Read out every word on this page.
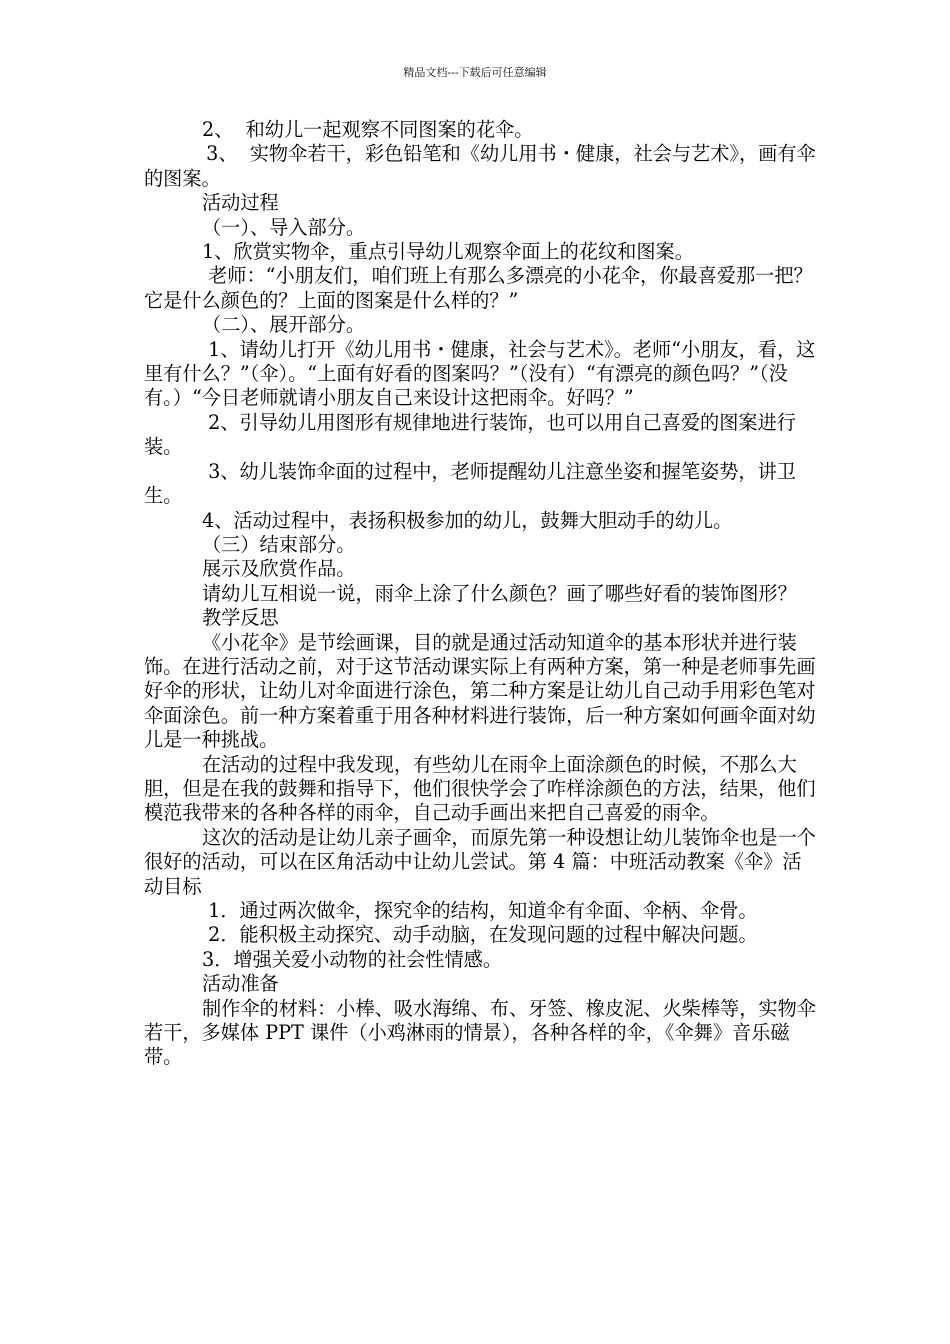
精品文档---下载后可任意编辑

2、  和幼儿一起观察不同图案的花伞。

3、  实物伞若干，彩色铅笔和《幼儿用书・健康，社会与艺术》，画有伞的图案。

活动过程

（一）、导入部分。

1、欣赏实物伞，重点引导幼儿观察伞面上的花纹和图案。

老师：“小朋友们，咱们班上有那么多漂亮的小花伞，你最喜爱那一把？它是什么颜色的？上面的图案是什么样的？”

（二）、展开部分。

1、请幼儿打开《幼儿用书・健康，社会与艺术》。老师“小朋友，看，这里有什么？”（伞）。“上面有好看的图案吗？”（没有）“有漂亮的颜色吗？”（没有。）“今日老师就请小朋友自己来设计这把雨伞。好吗？”

2、引导幼儿用图形有规律地进行装饰，也可以用自己喜爱的图案进行装。

3、幼儿装饰伞面的过程中，老师提醒幼儿注意坐姿和握笔姿势，讲卫生。

4、活动过程中，表扬积极参加的幼儿，鼓舞大胆动手的幼儿。

（三）结束部分。

展示及欣赏作品。

请幼儿互相说一说，雨伞上涂了什么颜色？画了哪些好看的装饰图形？

教学反思

《小花伞》是节绘画课，目的就是通过活动知道伞的基本形状并进行装饰。在进行活动之前，对于这节活动课实际上有两种方案，第一种是老师事先画好伞的形状，让幼儿对伞面进行涂色，第二种方案是让幼儿自己动手用彩色笔对伞面涂色。前一种方案着重于用各种材料进行装饰，后一种方案如何画伞面对幼儿是一种挑战。

在活动的过程中我发现，有些幼儿在雨伞上面涂颜色的时候，不那么大胆，但是在我的鼓舞和指导下，他们很快学会了咋样涂颜色的方法，结果，他们模范我带来的各种各样的雨伞，自己动手画出来把自己喜爱的雨伞。

这次的活动是让幼儿亲子画伞，而原先第一种设想让幼儿装饰伞也是一个很好的活动，可以在区角活动中让幼儿尝试。第 4 篇：中班活动教案《伞》活动目标

1．通过两次做伞，探究伞的结构，知道伞有伞面、伞柄、伞骨。

2．能积极主动探究、动手动脑，在发现问题的过程中解决问题。

3．增强关爱小动物的社会性情感。

活动准备

制作伞的材料：小棒、吸水海绵、布、牙签、橡皮泥、火柴棒等，实物伞若干，多媒体 PPT 课件（小鸡淋雨的情景），各种各样的伞，《伞舞》音乐磁带。
